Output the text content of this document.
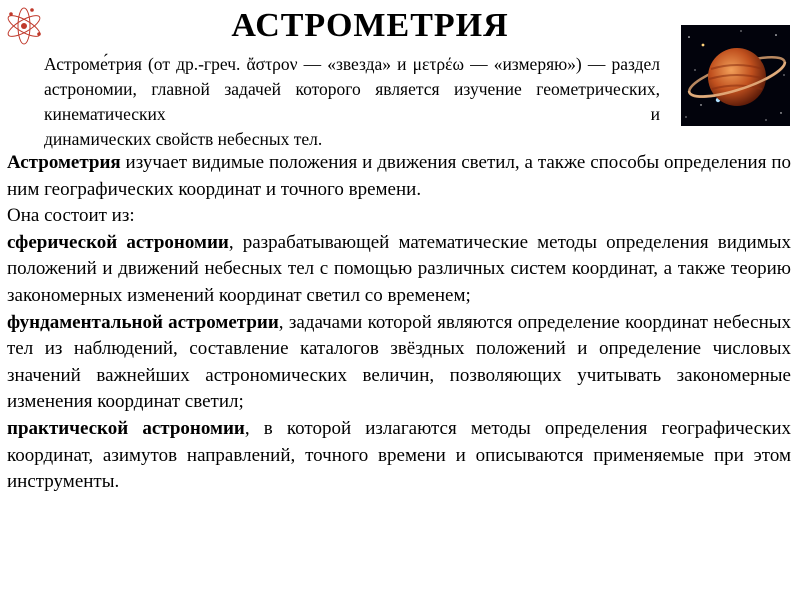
АСТРОМЕТРИЯ
Астроме́трия (от др.-греч. ἄστρον — «звезда» и μετρέω — «измеряю») — раздел астрономии, главной задачей которого является изучение геометрических, кинематических и
динамических свойств небесных тел.

Астрометрия изучает видимые положения и движения светил, а также способы определения по ним географических координат и точного времени.

Она состоит из:

сферической астрономии, разрабатывающей математические методы определения видимых положений и движений небесных тел с помощью различных систем координат, а также теорию закономерных изменений координат светил со временем;

фундаментальной астрометрии, задачами которой являются определение координат небесных тел из наблюдений, составление каталогов звёздных положений и определение числовых значений важнейших астрономических величин, позволяющих учитывать закономерные изменения координат светил;

практической астрономии, в которой излагаются методы определения географических координат, азимутов направлений, точного времени и описываются применяемые при этом инструменты.
